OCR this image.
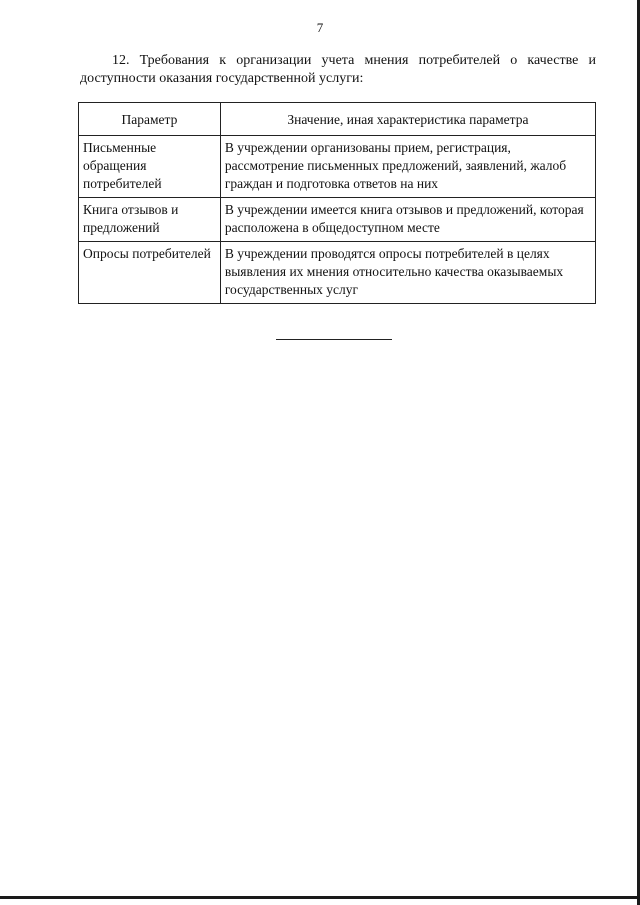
7
12. Требования к организации учета мнения потребителей о качестве и доступности оказания государственной услуги:
Параметр	Значение, иная характеристика параметра
Письменные обращения потребителей	В учреждении организованы прием, регистрация, рассмотрение письменных предложений, заявлений, жалоб граждан и подготовка ответов на них
Книга отзывов и предложений	В учреждении имеется книга отзывов и предложений, которая расположена в общедоступном месте
Опросы потребителей	В учреждении проводятся опросы потребителей в целях выявления их мнения относительно качества оказываемых государственных услуг
